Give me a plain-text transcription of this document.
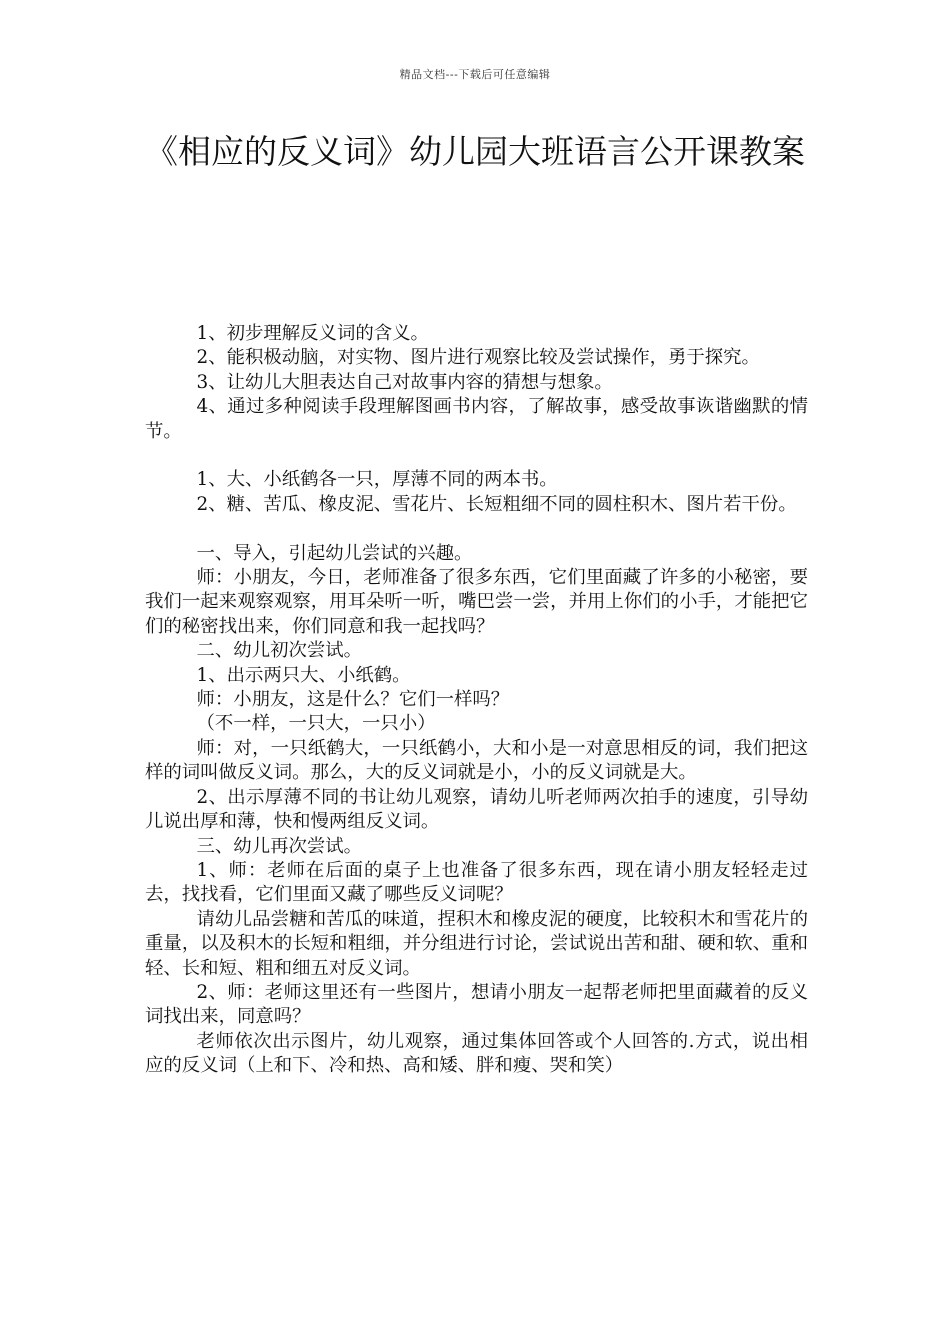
精品文档---下载后可任意编辑
《相应的反义词》幼儿园大班语言公开课教案

1、初步理解反义词的含义。

2、能积极动脑，对实物、图片进行观察比较及尝试操作，勇于探究。

3、让幼儿大胆表达自己对故事内容的猜想与想象。

4、通过多种阅读手段理解图画书内容，了解故事，感受故事诙谐幽默的情节。

1、大、小纸鹤各一只，厚薄不同的两本书。

2、糖、苦瓜、橡皮泥、雪花片、长短粗细不同的圆柱积木、图片若干份。

一、导入，引起幼儿尝试的兴趣。

师：小朋友，今日，老师准备了很多东西，它们里面藏了许多的小秘密，要我们一起来观察观察，用耳朵听一听，嘴巴尝一尝，并用上你们的小手，才能把它们的秘密找出来，你们同意和我一起找吗？

二、幼儿初次尝试。

1、出示两只大、小纸鹤。

师：小朋友，这是什么？它们一样吗？

（不一样，一只大，一只小）

师：对，一只纸鹤大，一只纸鹤小，大和小是一对意思相反的词，我们把这样的词叫做反义词。那么，大的反义词就是小，小的反义词就是大。

2、出示厚薄不同的书让幼儿观察，请幼儿听老师两次拍手的速度，引导幼儿说出厚和薄，快和慢两组反义词。

三、幼儿再次尝试。

1、师：老师在后面的桌子上也准备了很多东西，现在请小朋友轻轻走过去，找找看，它们里面又藏了哪些反义词呢？

请幼儿品尝糖和苦瓜的味道，捏积木和橡皮泥的硬度，比较积木和雪花片的重量，以及积木的长短和粗细，并分组进行讨论，尝试说出苦和甜、硬和软、重和轻、长和短、粗和细五对反义词。

2、师：老师这里还有一些图片，想请小朋友一起帮老师把里面藏着的反义词找出来，同意吗？

老师依次出示图片，幼儿观察，通过集体回答或个人回答的.方式，说出相应的反义词（上和下、冷和热、高和矮、胖和瘦、哭和笑）
